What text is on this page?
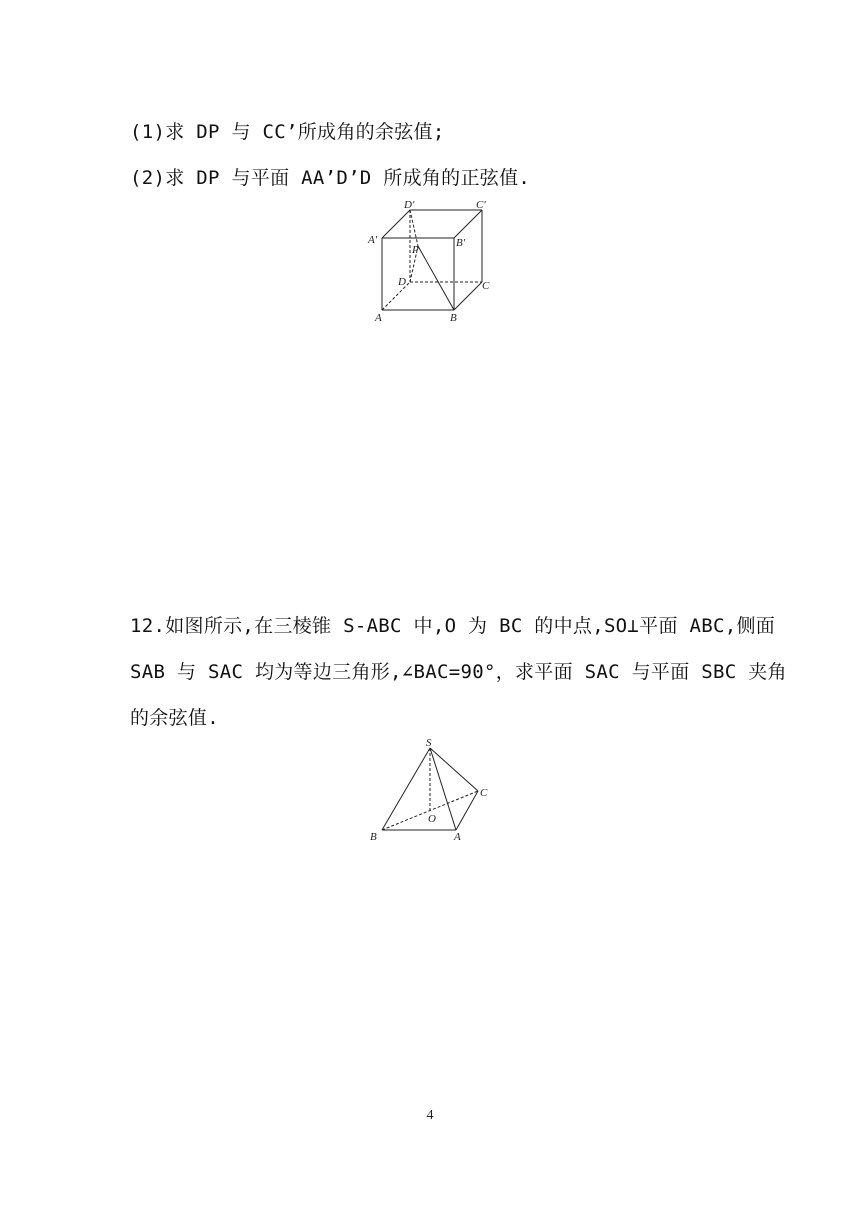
(1)求 DP 与 CC’所成角的余弦值;
(2)求 DP 与平面 AA’D’D 所成角的正弦值.
D′	C′
A′	B′
P
D	C
A	B
12.如图所示,在三棱锥 S-ABC 中,O 为 BC 的中点,SO⊥平面 ABC,侧面
SAB 与 SAC 均为等边三角形,∠BAC=90°，求平面 SAC 与平面 SBC 夹角
的余弦值.
S
C
O
B	A
4
